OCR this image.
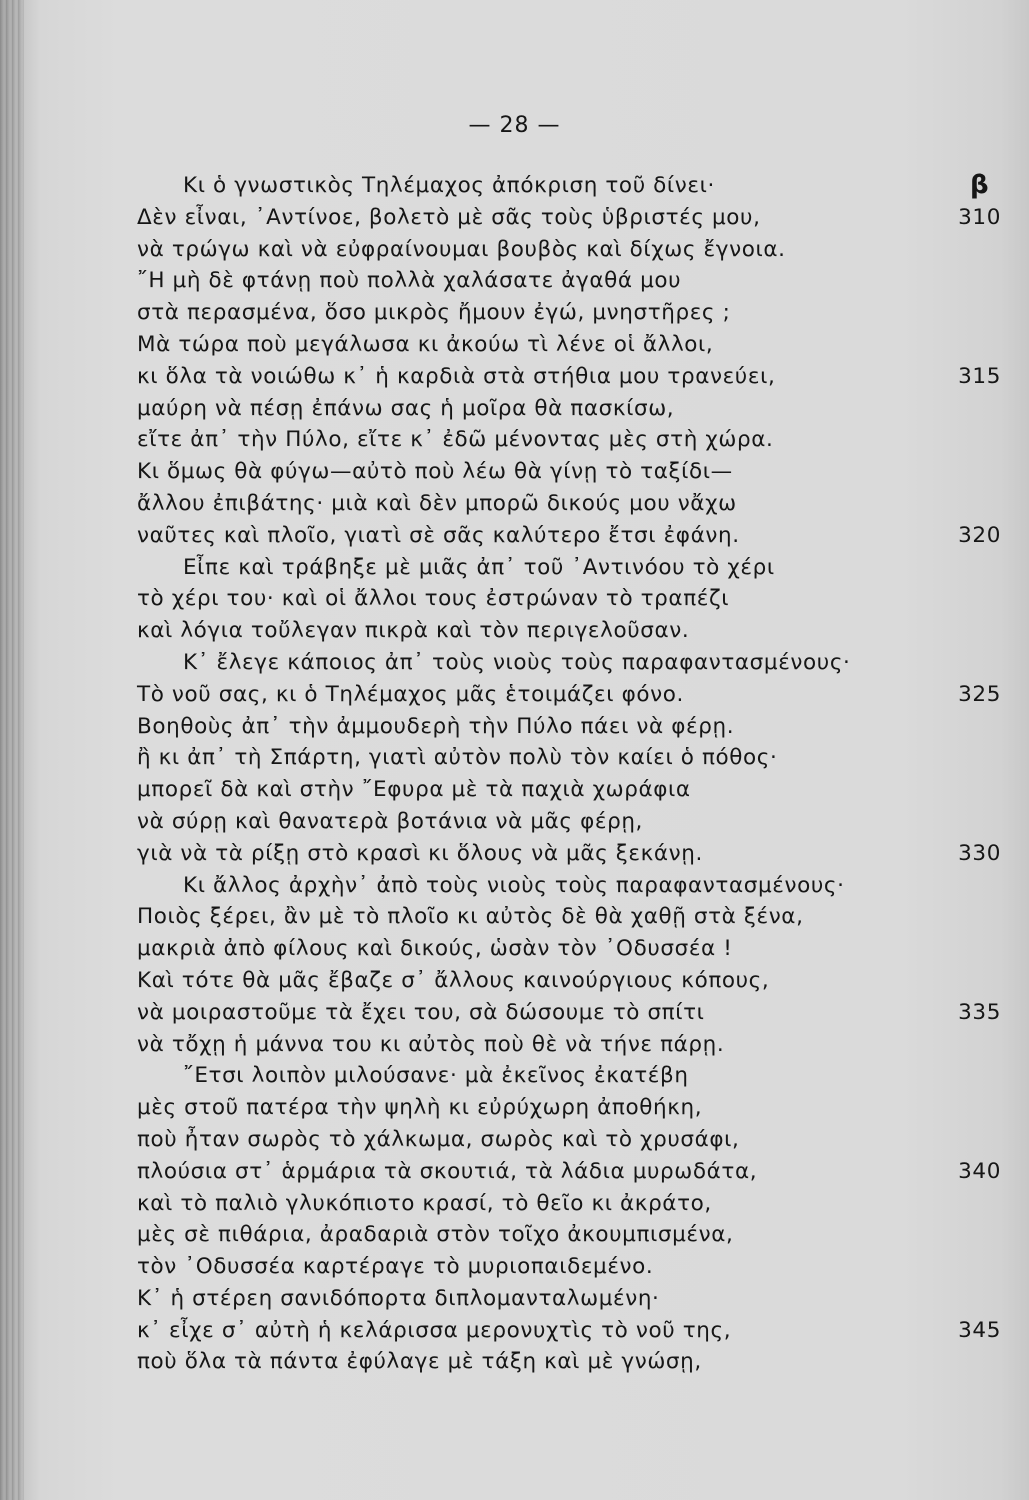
— 28 —
β
Κι ὁ γνωστικὸς Τηλέμαχος ἀπόκριση τοῦ δίνει·
Δὲν εἶναι, ᾿Αντίνοε, βολετὸ μὲ σᾶς τοὺς ὑβριστές μου,	310
νὰ τρώγω καὶ νὰ εὐφραίνουμαι βουβὸς καὶ δίχως ἔγνοια.
῎Η μὴ δὲ φτάνῃ ποὺ πολλὰ χαλάσατε ἀγαθά μου
στὰ περασμένα, ὅσο μικρὸς ἤμουν ἐγώ, μνηστῆρες ;
Μὰ τώρα ποὺ μεγάλωσα κι ἀκούω τὶ λένε οἱ ἄλλοι,
κι ὅλα τὰ νοιώθω κ᾿ ἡ καρδιὰ στὰ στήθια μου τρανεύει,	315
μαύρη νὰ πέσῃ ἐπάνω σας ἡ μοῖρα θὰ πασκίσω,
εἴτε ἀπ᾿ τὴν Πύλο, εἴτε κ᾿ ἐδῶ μένοντας μὲς στὴ χώρα.
Κι ὅμως θὰ φύγω—αὐτὸ ποὺ λέω θὰ γίνῃ τὸ ταξίδι—
ἄλλου ἐπιβάτης· μιὰ καὶ δὲν μπορῶ δικούς μου νἄχω
ναῦτες καὶ πλοῖο, γιατὶ σὲ σᾶς καλύτερο ἔτσι ἐφάνη.	320
Εἶπε καὶ τράβηξε μὲ μιᾶς ἀπ᾿ τοῦ ᾿Αντινόου τὸ χέρι
τὸ χέρι του· καὶ οἱ ἄλλοι τους ἐστρώναν τὸ τραπέζι
καὶ λόγια τοὔλεγαν πικρὰ καὶ τὸν περιγελοῦσαν.
Κ᾿ ἔλεγε κάποιος ἀπ᾿ τοὺς νιοὺς τοὺς παραφαντασμένους·
Τὸ νοῦ σας, κι ὁ Τηλέμαχος μᾶς ἑτοιμάζει φόνο.	325
Βοηθοὺς ἀπ᾿ τὴν ἀμμουδερὴ τὴν Πύλο πάει νὰ φέρῃ.
ἢ κι ἀπ᾿ τὴ Σπάρτη, γιατὶ αὐτὸν πολὺ τὸν καίει ὁ πόθος·
μπορεῖ δὰ καὶ στὴν ῎Εφυρα μὲ τὰ παχιὰ χωράφια
νὰ σύρῃ καὶ θανατερὰ βοτάνια νὰ μᾶς φέρῃ,
γιὰ νὰ τὰ ρίξῃ στὸ κρασὶ κι ὅλους νὰ μᾶς ξεκάνῃ.	330
Κι ἄλλος ἀρχὴν᾿ ἀπὸ τοὺς νιοὺς τοὺς παραφαντασμένους·
Ποιὸς ξέρει, ἂν μὲ τὸ πλοῖο κι αὐτὸς δὲ θὰ χαθῇ στὰ ξένα,
μακριὰ ἀπὸ φίλους καὶ δικούς, ὡσὰν τὸν ᾿Οδυσσέα !
Καὶ τότε θὰ μᾶς ἔβαζε σ᾿ ἄλλους καινούργιους κόπους,
νὰ μοιραστοῦμε τὰ ἔχει του, σὰ δώσουμε τὸ σπίτι	335
νὰ τὄχῃ ἡ μάννα του κι αὐτὸς ποὺ θὲ νὰ τήνε πάρῃ.
῎Ετσι λοιπὸν μιλούσανε· μὰ ἐκεῖνος ἐκατέβη
μὲς στοῦ πατέρα τὴν ψηλὴ κι εὐρύχωρη ἀποθήκη,
ποὺ ἦταν σωρὸς τὸ χάλκωμα, σωρὸς καὶ τὸ χρυσάφι,
πλούσια στ᾿ ἁρμάρια τὰ σκουτιά, τὰ λάδια μυρωδάτα,	340
καὶ τὸ παλιὸ γλυκόπιοτο κρασί, τὸ θεῖο κι ἀκράτο,
μὲς σὲ πιθάρια, ἀραδαριὰ στὸν τοῖχο ἀκουμπισμένα,
τὸν ᾿Οδυσσέα καρτέραγε τὸ μυριοπαιδεμένο.
Κ᾿ ἡ στέρεη σανιδόπορτα διπλομανταλωμένη·
κ᾿ εἶχε σ᾿ αὐτὴ ἡ κελάρισσα μερονυχτὶς τὸ νοῦ της,	345
ποὺ ὅλα τὰ πάντα ἐφύλαγε μὲ τάξη καὶ μὲ γνώσῃ,
